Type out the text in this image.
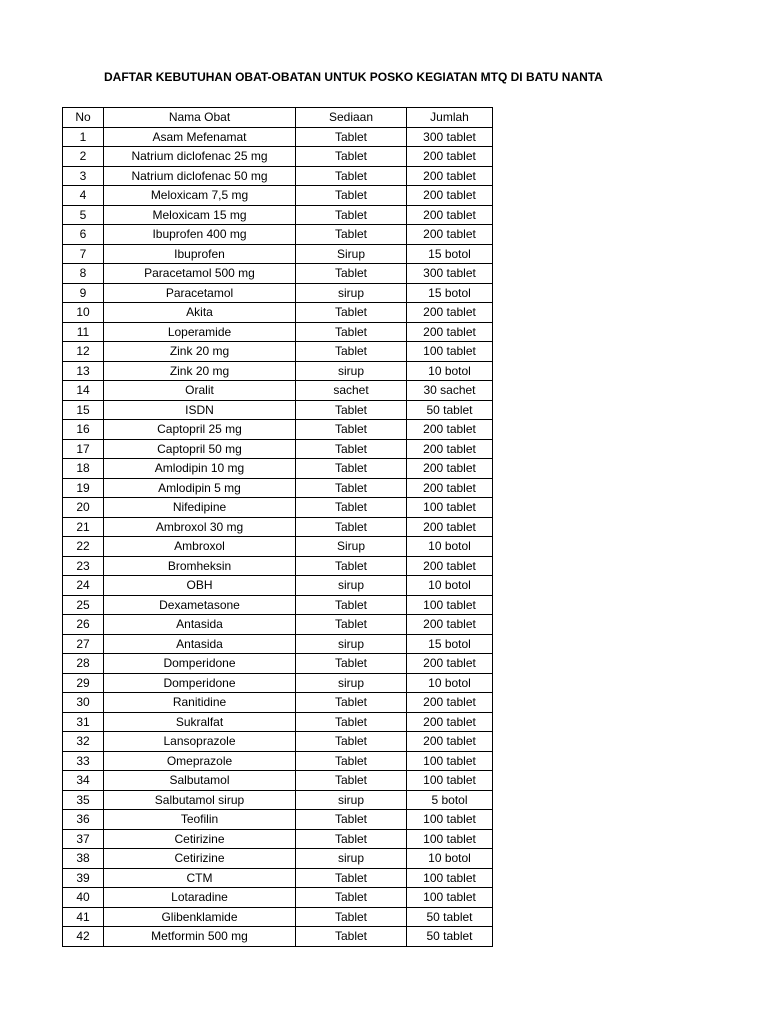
DAFTAR KEBUTUHAN OBAT-OBATAN UNTUK POSKO KEGIATAN MTQ DI BATU NANTA
No	Nama Obat	Sediaan	Jumlah
1	Asam Mefenamat	Tablet	300 tablet
2	Natrium diclofenac 25 mg	Tablet	200 tablet
3	Natrium diclofenac 50 mg	Tablet	200 tablet
4	Meloxicam 7,5 mg	Tablet	200 tablet
5	Meloxicam 15 mg	Tablet	200 tablet
6	Ibuprofen 400 mg	Tablet	200 tablet
7	Ibuprofen	Sirup	15 botol
8	Paracetamol 500 mg	Tablet	300 tablet
9	Paracetamol	sirup	15 botol
10	Akita	Tablet	200 tablet
11	Loperamide	Tablet	200 tablet
12	Zink 20 mg	Tablet	100 tablet
13	Zink 20 mg	sirup	10 botol
14	Oralit	sachet	30 sachet
15	ISDN	Tablet	50 tablet
16	Captopril 25 mg	Tablet	200 tablet
17	Captopril 50 mg	Tablet	200 tablet
18	Amlodipin 10 mg	Tablet	200 tablet
19	Amlodipin 5 mg	Tablet	200 tablet
20	Nifedipine	Tablet	100 tablet
21	Ambroxol 30 mg	Tablet	200 tablet
22	Ambroxol	Sirup	10 botol
23	Bromheksin	Tablet	200 tablet
24	OBH	sirup	10 botol
25	Dexametasone	Tablet	100 tablet
26	Antasida	Tablet	200 tablet
27	Antasida	sirup	15 botol
28	Domperidone	Tablet	200 tablet
29	Domperidone	sirup	10 botol
30	Ranitidine	Tablet	200 tablet
31	Sukralfat	Tablet	200 tablet
32	Lansoprazole	Tablet	200 tablet
33	Omeprazole	Tablet	100 tablet
34	Salbutamol	Tablet	100 tablet
35	Salbutamol sirup	sirup	5 botol
36	Teofilin	Tablet	100 tablet
37	Cetirizine	Tablet	100 tablet
38	Cetirizine	sirup	10 botol
39	CTM	Tablet	100 tablet
40	Lotaradine	Tablet	100 tablet
41	Glibenklamide	Tablet	50 tablet
42	Metformin 500 mg	Tablet	50 tablet
